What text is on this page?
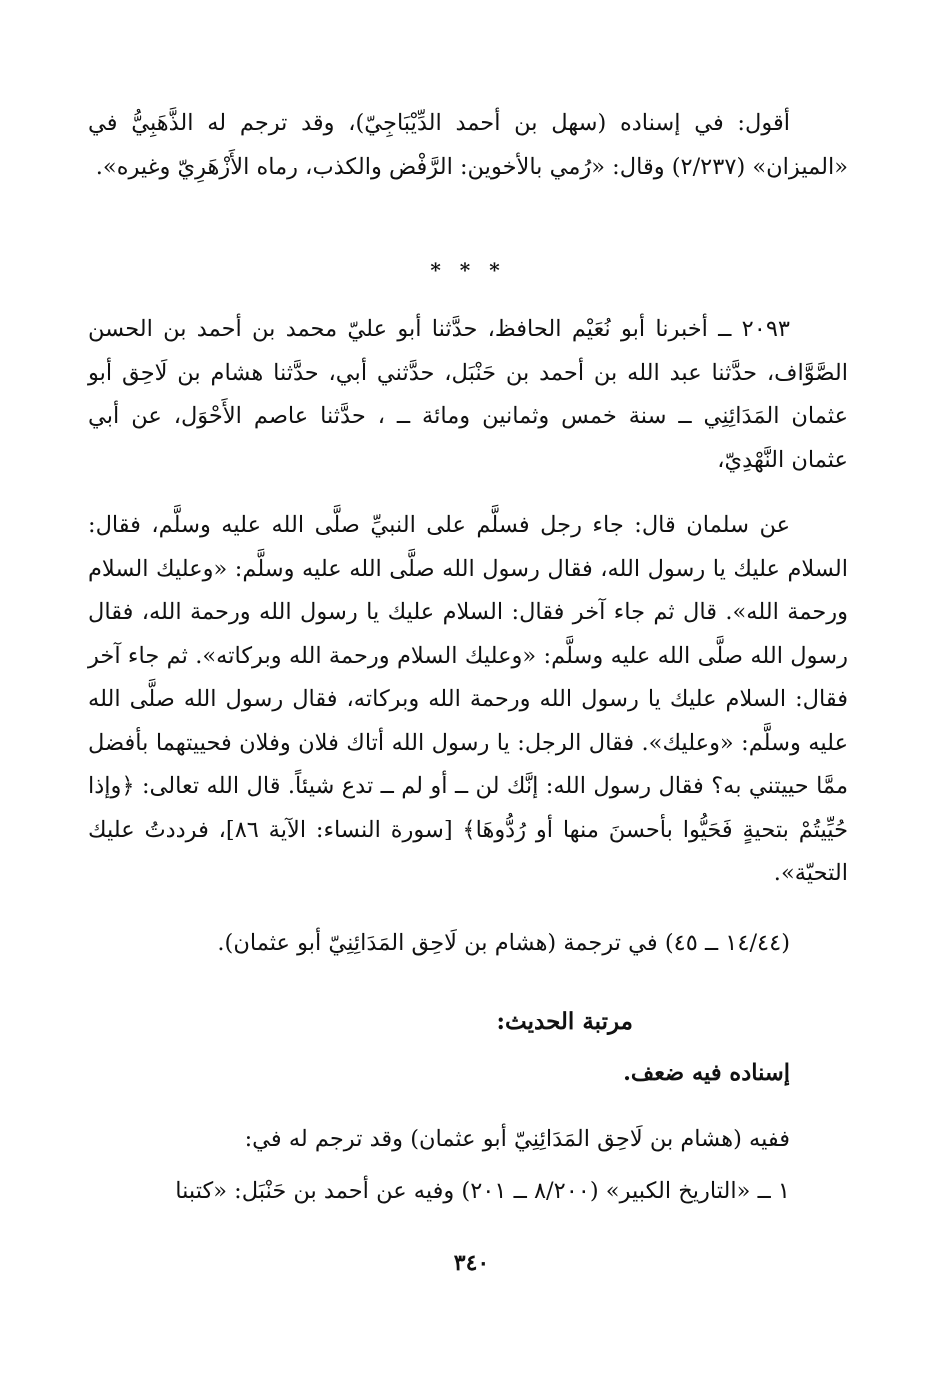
أقول: في إسناده (سهل بن أحمد الدِّيْبَاجِيّ)، وقد ترجم له الذَّهَبِيُّ في «الميزان» (٢/٢٣٧) وقال: «رُمي بالأخوين: الرَّفْض والكذب، رماه الأَزْهَرِيّ وغيره».

* * *

٢٠٩٣ ــ أخبرنا أبو نُعَيْم الحافظ، حدَّثنا أبو عليّ محمد بن أحمد بن الحسن الصَّوَّاف، حدَّثنا عبد الله بن أحمد بن حَنْبَل، حدَّثني أبي، حدَّثنا هشام بن لَاحِق أبو عثمان المَدَائِنِي ــ سنة خمس وثمانين ومائة ــ ، حدَّثنا عاصم الأَحْوَل، عن أبي عثمان النَّهْدِيّ،

عن سلمان قال: جاء رجل فسلَّم على النبيِّ صلَّى الله عليه وسلَّم، فقال: السلام عليك يا رسول الله، فقال رسول الله صلَّى الله عليه وسلَّم: «وعليك السلام ورحمة الله». قال ثم جاء آخر فقال: السلام عليك يا رسول الله ورحمة الله، فقال رسول الله صلَّى الله عليه وسلَّم: «وعليك السلام ورحمة الله وبركاته». ثم جاء آخر فقال: السلام عليك يا رسول الله ورحمة الله وبركاته، فقال رسول الله صلَّى الله عليه وسلَّم: «وعليك». فقال الرجل: يا رسول الله أتاك فلان وفلان فحييتهما بأفضل ممَّا حييتني به؟ فقال رسول الله: إنَّك لن ــ أو لم ــ تدع شيئاً. قال الله تعالى: ﴿وإذا حُيِّيتُمْ بتحيةٍ فَحَيُّوا بأحسنَ منها أو رُدُّوهَا﴾ [سورة النساء: الآية ٨٦]، فرددتُ عليك التحيّة».

(١٤/٤٤ ــ ٤٥) في ترجمة (هشام بن لَاحِق المَدَائِنِيّ أبو عثمان).

مرتبة الحديث:

إسناده فيه ضعف.

ففيه (هشام بن لَاحِق المَدَائِنِيّ أبو عثمان) وقد ترجم له في:

١ ــ «التاريخ الكبير» (٨/٢٠٠ ــ ٢٠١) وفيه عن أحمد بن حَنْبَل: «كتبنا

٣٤٠
